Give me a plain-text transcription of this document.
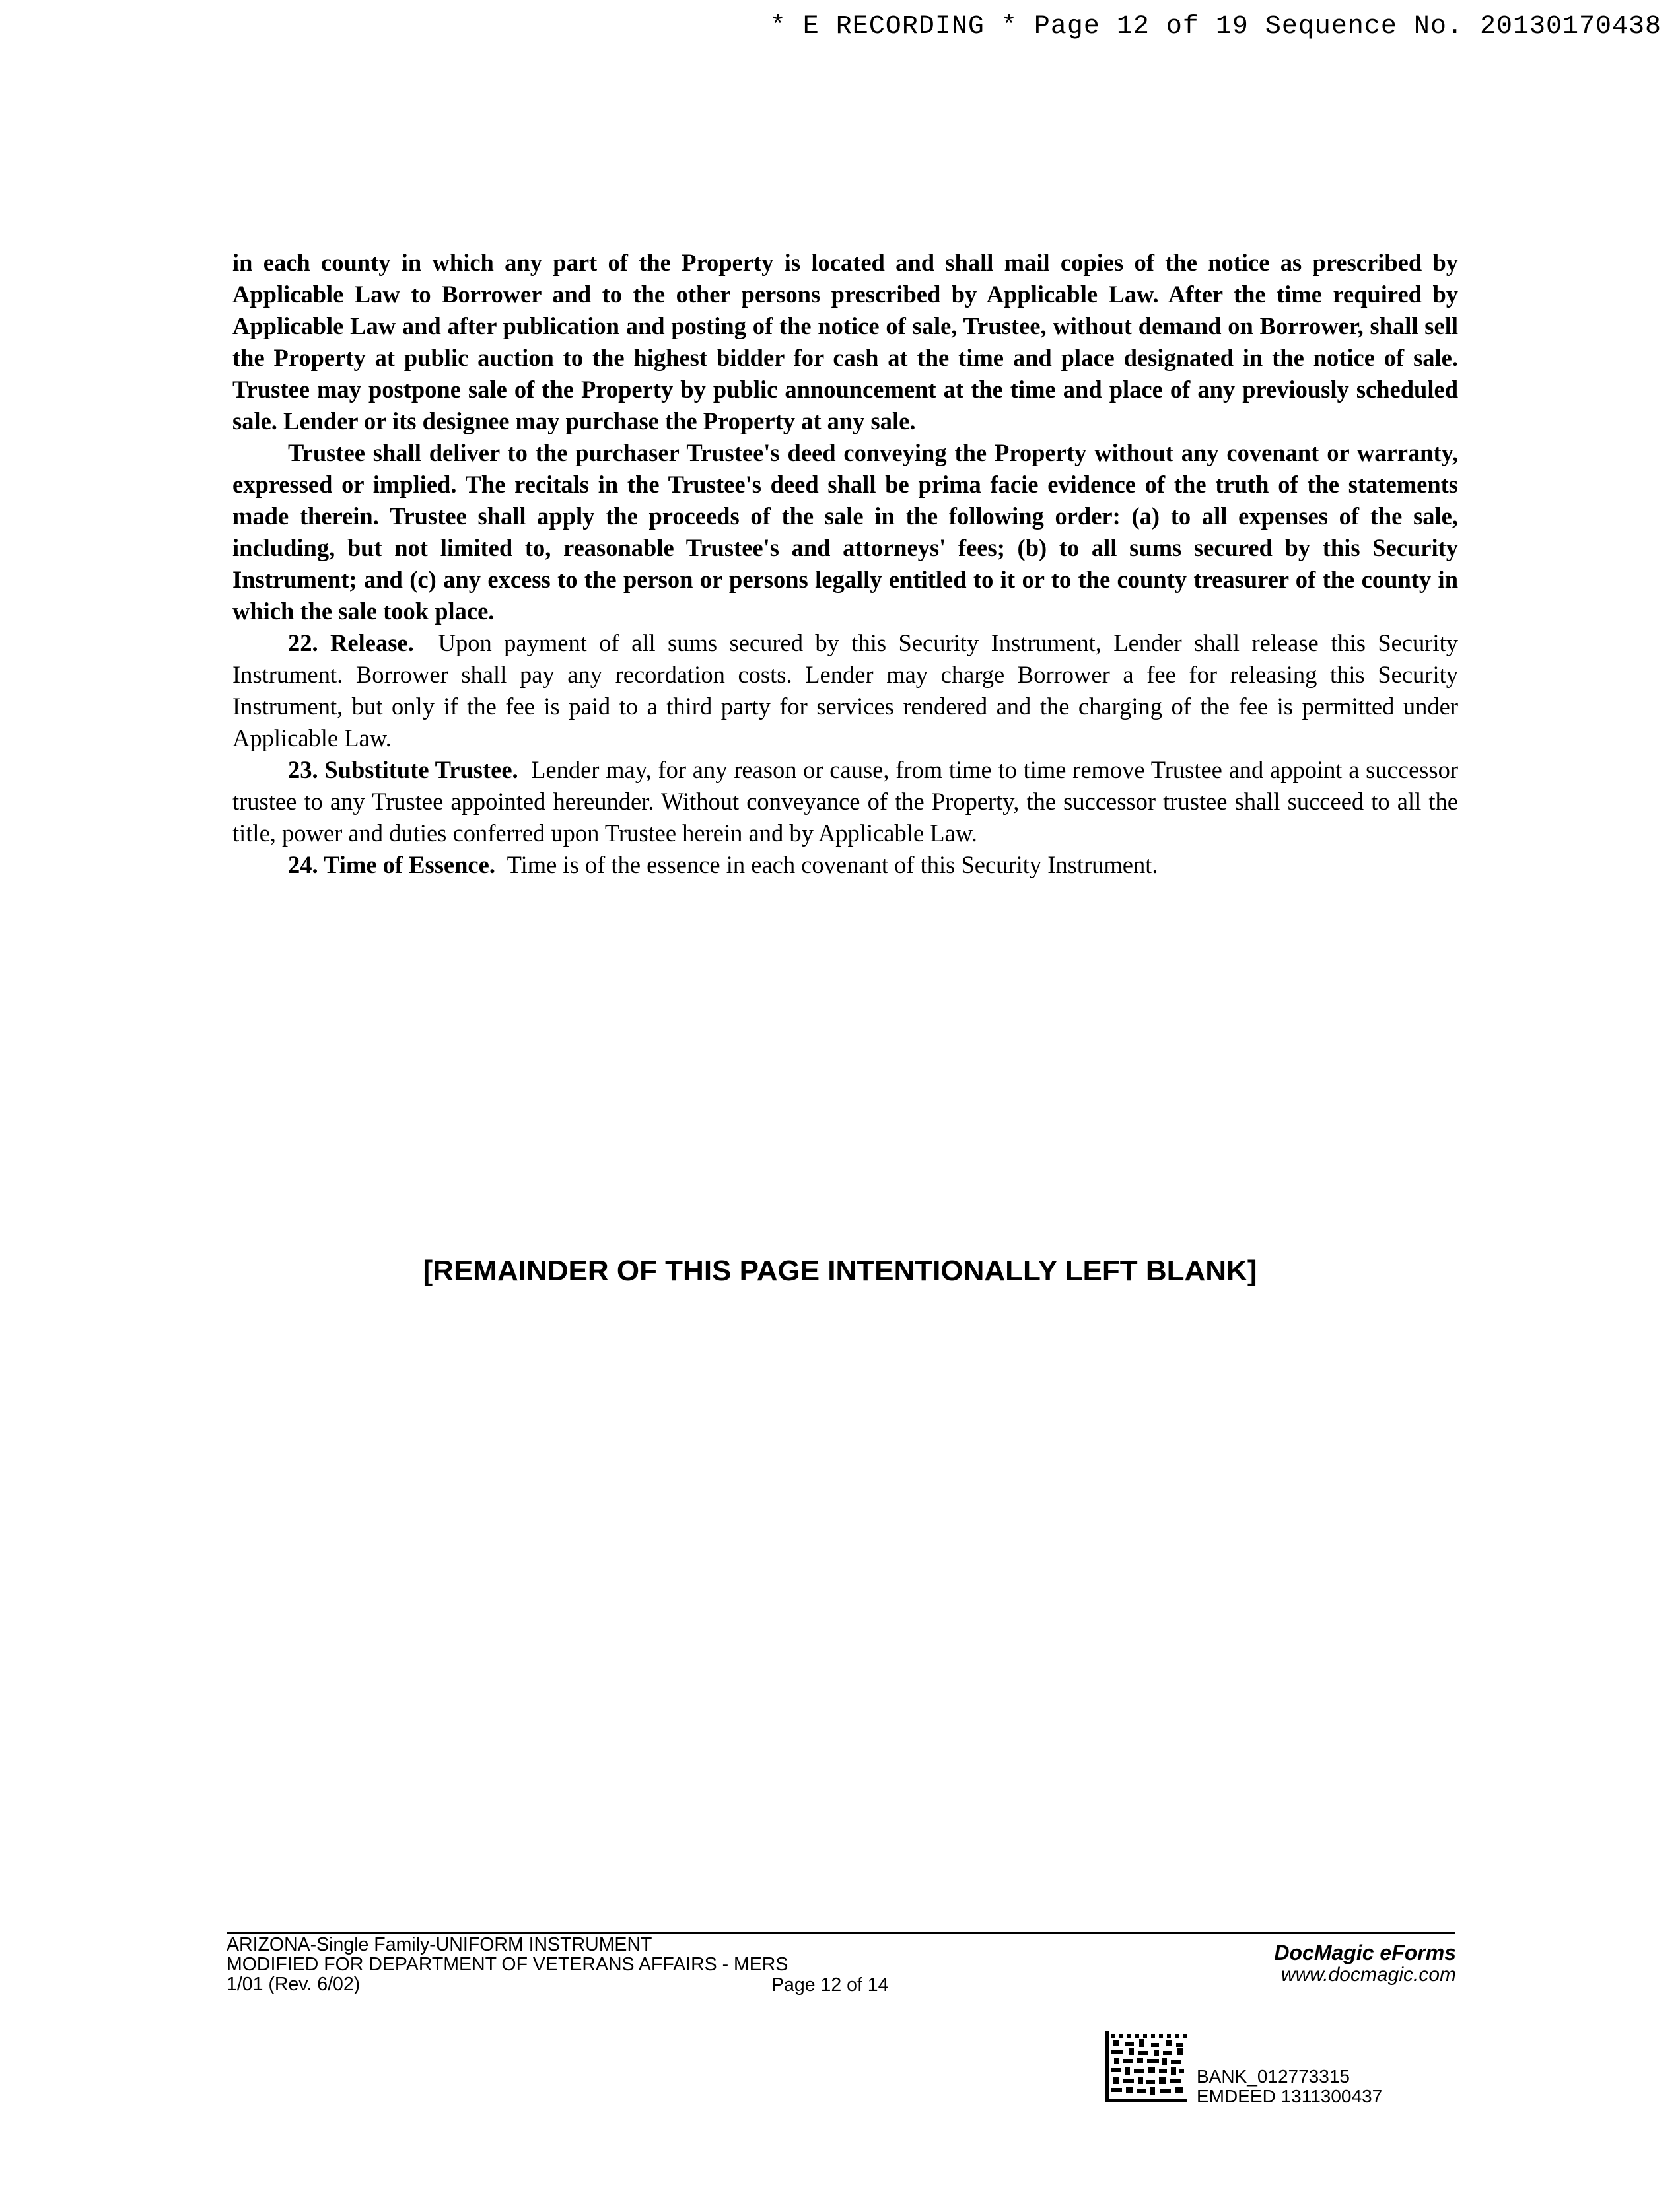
* E RECORDING * Page 12 of 19 Sequence No. 20130170438

in each county in which any part of the Property is located and shall mail copies of the notice as prescribed by Applicable Law to Borrower and to the other persons prescribed by Applicable Law. After the time required by Applicable Law and after publication and posting of the notice of sale, Trustee, without demand on Borrower, shall sell the Property at public auction to the highest bidder for cash at the time and place designated in the notice of sale. Trustee may postpone sale of the Property by public announcement at the time and place of any previously scheduled sale. Lender or its designee may purchase the Property at any sale.

Trustee shall deliver to the purchaser Trustee's deed conveying the Property without any covenant or warranty, expressed or implied. The recitals in the Trustee's deed shall be prima facie evidence of the truth of the statements made therein. Trustee shall apply the proceeds of the sale in the following order: (a) to all expenses of the sale, including, but not limited to, reasonable Trustee's and attorneys' fees; (b) to all sums secured by this Security Instrument; and (c) any excess to the person or persons legally entitled to it or to the county treasurer of the county in which the sale took place.

22. Release. Upon payment of all sums secured by this Security Instrument, Lender shall release this Security Instrument. Borrower shall pay any recordation costs. Lender may charge Borrower a fee for releasing this Security Instrument, but only if the fee is paid to a third party for services rendered and the charging of the fee is permitted under Applicable Law.

23. Substitute Trustee. Lender may, for any reason or cause, from time to time remove Trustee and appoint a successor trustee to any Trustee appointed hereunder. Without conveyance of the Property, the successor trustee shall succeed to all the title, power and duties conferred upon Trustee herein and by Applicable Law.

24. Time of Essence. Time is of the essence in each covenant of this Security Instrument.

[REMAINDER OF THIS PAGE INTENTIONALLY LEFT BLANK]
ARIZONA-Single Family-UNIFORM INSTRUMENT
MODIFIED FOR DEPARTMENT OF VETERANS AFFAIRS - MERS
1/01 (Rev. 6/02)	Page 12 of 14
DocMagic eForms
www.docmagic.com
BANK_012773315
EMDEED 1311300437
